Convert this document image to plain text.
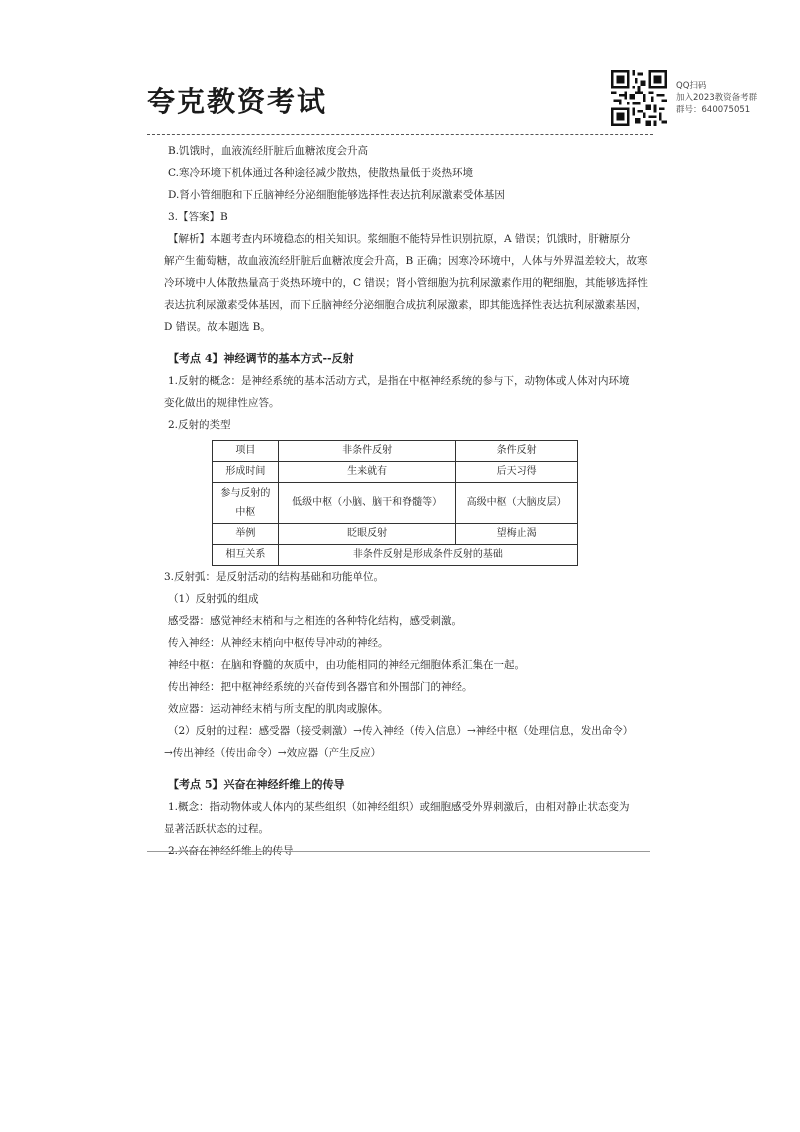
夸克教资考试	QQ扫码
加入2023教资备考群
群号：640075051

B.饥饿时，血液流经肝脏后血糖浓度会升高

C.寒冷环境下机体通过各种途径减少散热，使散热量低于炎热环境

D.肾小管细胞和下丘脑神经分泌细胞能够选择性表达抗利尿激素受体基因

3.【答案】B

【解析】本题考查内环境稳态的相关知识。浆细胞不能特异性识别抗原，A 错误；饥饿时，肝糖原分

解产生葡萄糖，故血液流经肝脏后血糖浓度会升高，B 正确；因寒冷环境中，人体与外界温差较大，故寒

冷环境中人体散热量高于炎热环境中的，C 错误；肾小管细胞为抗利尿激素作用的靶细胞，其能够选择性

表达抗利尿激素受体基因，而下丘脑神经分泌细胞合成抗利尿激素，即其能选择性表达抗利尿激素基因，

D 错误。故本题选 B。

【考点 4】神经调节的基本方式--反射

1.反射的概念：是神经系统的基本活动方式，是指在中枢神经系统的参与下，动物体或人体对内环境

变化做出的规律性应答。

2.反射的类型

项目	非条件反射	条件反射
形成时间	生来就有	后天习得
参与反射的
中枢	低级中枢（小脑、脑干和脊髓等）	高级中枢（大脑皮层）
举例	眨眼反射	望梅止渴
相互关系	非条件反射是形成条件反射的基础	

3.反射弧：是反射活动的结构基础和功能单位。

（1）反射弧的组成

感受器：感觉神经末梢和与之相连的各种特化结构，感受刺激。

传入神经：从神经末梢向中枢传导冲动的神经。

神经中枢：在脑和脊髓的灰质中，由功能相同的神经元细胞体系汇集在一起。

传出神经：把中枢神经系统的兴奋传到各器官和外围部门的神经。

效应器：运动神经末梢与所支配的肌肉或腺体。

（2）反射的过程：感受器（接受刺激）→传入神经（传入信息）→神经中枢（处理信息，发出命令）

→传出神经（传出命令）→效应器（产生反应）

【考点 5】兴奋在神经纤维上的传导

1.概念：指动物体或人体内的某些组织（如神经组织）或细胞感受外界刺激后，由相对静止状态变为

显著活跃状态的过程。

2.兴奋在神经纤维上的传导
